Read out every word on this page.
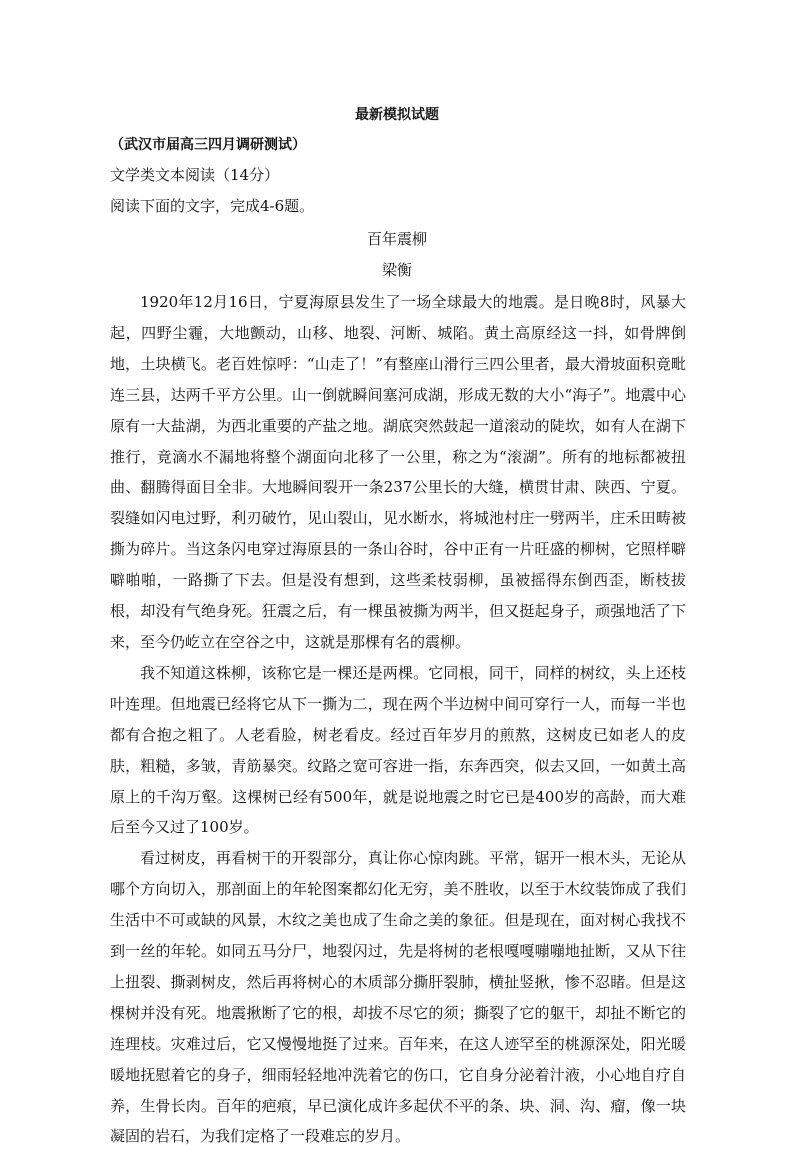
最新模拟试题
（武汉市届高三四月调研测试）
文学类文本阅读（14分）
阅读下面的文字，完成4-6题。
百年震柳
梁衡

1920年12月16日，宁夏海原县发生了一场全球最大的地震。是日晚8时，风暴大起，四野尘霾，大地颤动，山移、地裂、河断、城陷。黄土高原经这一抖，如骨牌倒地，土块横飞。老百姓惊呼：“山走了！”有整座山滑行三四公里者，最大滑坡面积竟毗连三县，达两千平方公里。山一倒就瞬间塞河成湖，形成无数的大小“海子”。地震中心原有一大盐湖，为西北重要的产盐之地。湖底突然鼓起一道滚动的陡坎，如有人在湖下推行，竟滴水不漏地将整个湖面向北移了一公里，称之为“滚湖”。所有的地标都被扭曲、翻腾得面目全非。大地瞬间裂开一条237公里长的大缝，横贯甘肃、陕西、宁夏。裂缝如闪电过野，利刃破竹，见山裂山，见水断水，将城池村庄一劈两半，庄禾田畴被撕为碎片。当这条闪电穿过海原县的一条山谷时，谷中正有一片旺盛的柳树，它照样噼噼啪啪，一路撕了下去。但是没有想到，这些柔枝弱柳，虽被摇得东倒西歪，断枝拔根，却没有气绝身死。狂震之后，有一棵虽被撕为两半，但又挺起身子，顽强地活了下来，至今仍屹立在空谷之中，这就是那棵有名的震柳。

我不知道这株柳，该称它是一棵还是两棵。它同根，同干，同样的树纹，头上还枝叶连理。但地震已经将它从下一撕为二，现在两个半边树中间可穿行一人，而每一半也都有合抱之粗了。人老看脸，树老看皮。经过百年岁月的煎熬，这树皮已如老人的皮肤，粗糙，多皱，青筋暴突。纹路之宽可容进一指，东奔西突，似去又回，一如黄土高原上的千沟万壑。这棵树已经有500年，就是说地震之时它已是400岁的高龄，而大难后至今又过了100岁。

看过树皮，再看树干的开裂部分，真让你心惊肉跳。平常，锯开一根木头，无论从哪个方向切入，那剖面上的年轮图案都幻化无穷，美不胜收，以至于木纹装饰成了我们生活中不可或缺的风景，木纹之美也成了生命之美的象征。但是现在，面对树心我找不到一丝的年轮。如同五马分尸，地裂闪过，先是将树的老根嘎嘎嘣嘣地扯断，又从下往上扭裂、撕剥树皮，然后再将树心的木质部分撕肝裂肺，横扯竖揪，惨不忍睹。但是这棵树并没有死。地震揪断了它的根，却拔不尽它的须；撕裂了它的躯干，却扯不断它的连理枝。灾难过后，它又慢慢地挺了过来。百年来，在这人迹罕至的桃源深处，阳光暖暖地抚慰着它的身子，细雨轻轻地冲洗着它的伤口，它自身分泌着汁液，小心地自疗自养，生骨长肉。百年的疤痕，早已演化成许多起伏不平的条、块、洞、沟、瘤，像一块凝固的岩石，为我们定格了一段难忘的岁月。
